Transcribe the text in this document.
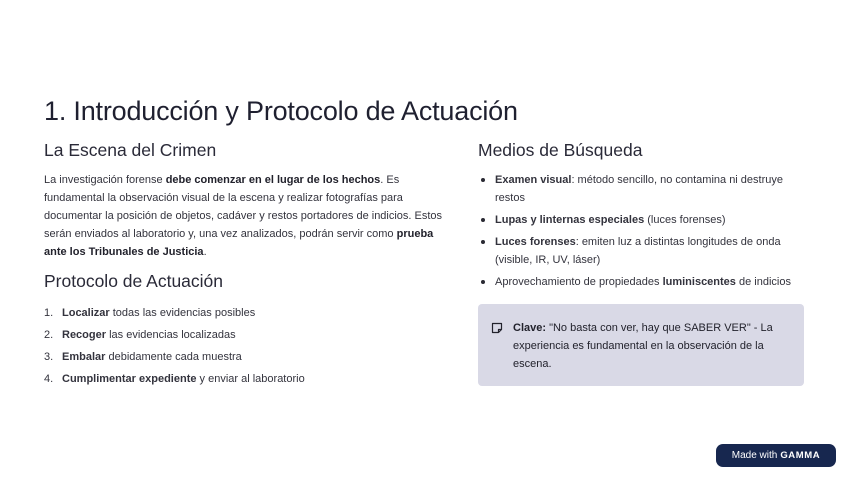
1. Introducción y Protocolo de Actuación
La Escena del Crimen

La investigación forense debe comenzar en el lugar de los hechos. Es fundamental la observación visual de la escena y realizar fotografías para documentar la posición de objetos, cadáver y restos portadores de indicios. Estos serán enviados al laboratorio y, una vez analizados, podrán servir como prueba ante los Tribunales de Justicia.

Protocolo de Actuación
1. Localizar todas las evidencias posibles
2. Recoger las evidencias localizadas
3. Embalar debidamente cada muestra
4. Cumplimentar expediente y enviar al laboratorio
Medios de Búsqueda
Examen visual: método sencillo, no contamina ni destruye restos
Lupas y linternas especiales (luces forenses)
Luces forenses: emiten luz a distintas longitudes de onda (visible, IR, UV, láser)
Aprovechamiento de propiedades luminiscentes de indicios
Clave: "No basta con ver, hay que SABER VER" - La experiencia es fundamental en la observación de la escena.
Made with GAMMA
